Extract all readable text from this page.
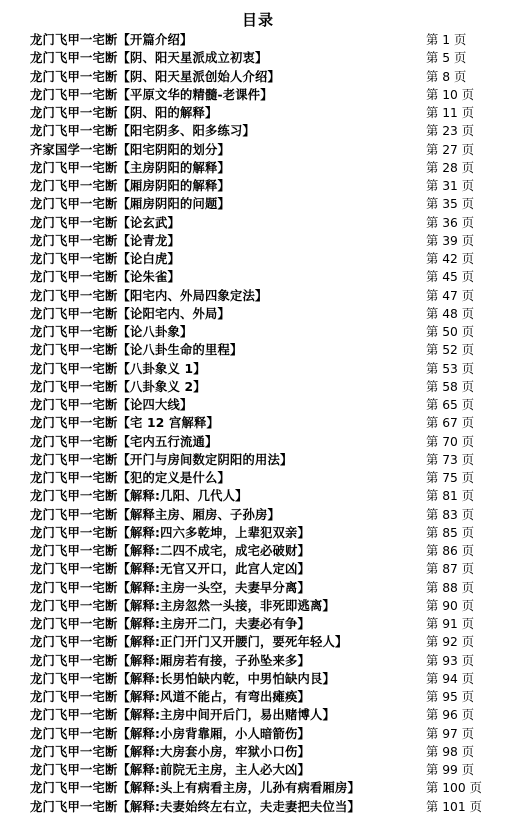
目录
龙门飞甲一宅断【开篇介绍】	第 1 页
龙门飞甲一宅断【阴、阳天星派成立初衷】	第 5 页
龙门飞甲一宅断【阴、阳天星派创始人介绍】	第 8 页
龙门飞甲一宅断【平原文华的精髓-老课件】	第 10 页
龙门飞甲一宅断【阴、阳的解释】	第 11 页
龙门飞甲一宅断【阳宅阴多、阳多练习】	第 23 页
齐家国学一宅断【阳宅阴阳的划分】	第 27 页
龙门飞甲一宅断【主房阴阳的解释】	第 28 页
龙门飞甲一宅断【厢房阴阳的解释】	第 31 页
龙门飞甲一宅断【厢房阴阳的问题】	第 35 页
龙门飞甲一宅断【论玄武】	第 36 页
龙门飞甲一宅断【论青龙】	第 39 页
龙门飞甲一宅断【论白虎】	第 42 页
龙门飞甲一宅断【论朱雀】	第 45 页
龙门飞甲一宅断【阳宅内、外局四象定法】	第 47 页
龙门飞甲一宅断【论阳宅内、外局】	第 48 页
龙门飞甲一宅断【论八卦象】	第 50 页
龙门飞甲一宅断【论八卦生命的里程】	第 52 页
龙门飞甲一宅断【八卦象义 1】	第 53 页
龙门飞甲一宅断【八卦象义 2】	第 58 页
龙门飞甲一宅断【论四大线】	第 65 页
龙门飞甲一宅断【宅 12 宫解释】	第 67 页
龙门飞甲一宅断【宅内五行流通】	第 70 页
龙门飞甲一宅断【开门与房间数定阴阳的用法】	第 73 页
龙门飞甲一宅断【犯的定义是什么】	第 75 页
龙门飞甲一宅断【解释:几阳、几代人】	第 81 页
龙门飞甲一宅断【解释主房、厢房、子孙房】	第 83 页
龙门飞甲一宅断【解释:四六多乾坤，上辈犯双亲】	第 85 页
龙门飞甲一宅断【解释:二四不成宅，成宅必破财】	第 86 页
龙门飞甲一宅断【解释:无官又开口，此宫人定凶】	第 87 页
龙门飞甲一宅断【解释:主房一头空，夫妻早分离】	第 88 页
龙门飞甲一宅断【解释:主房忽然一头接，非死即逃离】	第 90 页
龙门飞甲一宅断【解释:主房开二门，夫妻必有争】	第 91 页
龙门飞甲一宅断【解释:正门开门又开腰门，要死年轻人】	第 92 页
龙门飞甲一宅断【解释:厢房若有接，子孙坠来多】	第 93 页
龙门飞甲一宅断【解释:长男怕缺内乾，中男怕缺内艮】	第 94 页
龙门飞甲一宅断【解释:风道不能占，有弯出瘫痪】	第 95 页
龙门飞甲一宅断【解释:主房中间开后门，易出赌博人】	第 96 页
龙门飞甲一宅断【解释:小房背靠厢，小人暗箭伤】	第 97 页
龙门飞甲一宅断【解释:大房套小房，牢狱小口伤】	第 98 页
龙门飞甲一宅断【解释:前院无主房，主人必大凶】	第 99 页
龙门飞甲一宅断【解释:头上有病看主房，儿孙有病看厢房】	第 100 页
龙门飞甲一宅断【解释:夫妻始终左右立，夫走妻把夫位当】	第 101 页
